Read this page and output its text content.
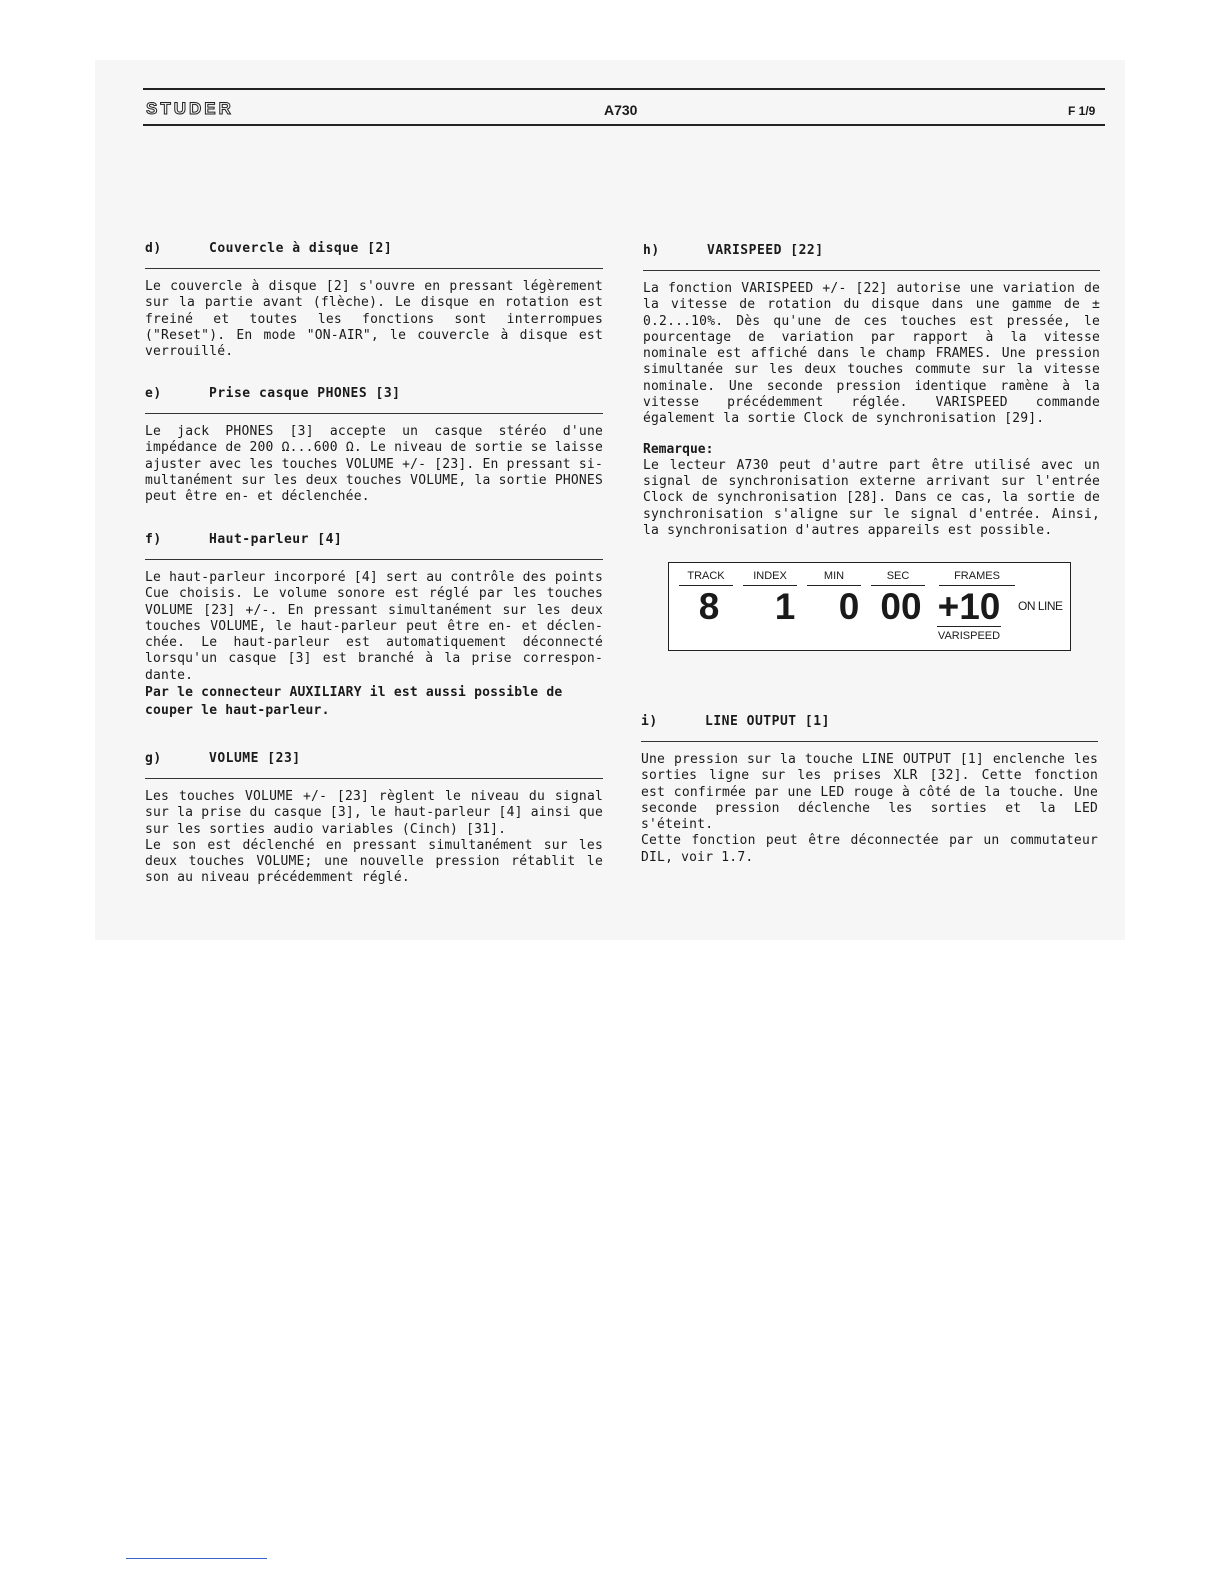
STUDER	A730	F 1/9
d)	Couvercle à disque [2]

Le couvercle à disque [2] s'ouvre en pressant légèrement sur la partie avant (flèche). Le disque en rotation est freiné et toutes les fonctions sont interrompues ("Reset"). En mode "ON-AIR", le couvercle à disque est verrouillé.

e)	Prise casque PHONES [3]

Le jack PHONES [3] accepte un casque stéréo d'une impédance de 200 Ω...600 Ω. Le niveau de sortie se laisse ajuster avec les touches VOLUME +/- [23]. En pressant si-multanément sur les deux touches VOLUME, la sortie PHONES peut être en- et déclenchée.

f)	Haut-parleur [4]

Le haut-parleur incorporé [4] sert au contrôle des points Cue choisis. Le volume sonore est réglé par les touches VOLUME [23] +/-. En pressant simultanément sur les deux touches VOLUME, le haut-parleur peut être en- et déclen-chée. Le haut-parleur est automatiquement déconnecté lorsqu'un casque [3] est branché à la prise correspon-dante.

Par le connecteur AUXILIARY il est aussi possible de couper le haut-parleur.

g)	VOLUME [23]

Les touches VOLUME +/- [23] règlent le niveau du signal sur la prise du casque [3], le haut-parleur [4] ainsi que sur les sorties audio variables (Cinch) [31].

Le son est déclenché en pressant simultanément sur les deux touches VOLUME; une nouvelle pression rétablit le son au niveau précédemment réglé.

h)	VARISPEED [22]

La fonction VARISPEED +/- [22] autorise une variation de la vitesse de rotation du disque dans une gamme de ± 0.2...10%. Dès qu'une de ces touches est pressée, le pourcentage de variation par rapport à la vitesse nominale est affiché dans le champ FRAMES. Une pression simultanée sur les deux touches commute sur la vitesse nominale. Une seconde pression identique ramène à la vitesse précédemment réglée. VARISPEED commande également la sortie Clock de synchronisation [29].

Remarque:

Le lecteur A730 peut d'autre part être utilisé avec un signal de synchronisation externe arrivant sur l'entrée Clock de synchronisation [28]. Dans ce cas, la sortie de synchronisation s'aligne sur le signal d'entrée. Ainsi, la synchronisation d'autres appareils est possible.

TRACK	INDEX	MIN	SEC	FRAMES
8 1 0 00 +10	ON LINE
VARISPEED
i)	LINE OUTPUT [1]

Une pression sur la touche LINE OUTPUT [1] enclenche les sorties ligne sur les prises XLR [32]. Cette fonction est confirmée par une LED rouge à côté de la touche. Une seconde pression déclenche les sorties et la LED s'éteint.

Cette fonction peut être déconnectée par un commutateur DIL, voir 1.7.
